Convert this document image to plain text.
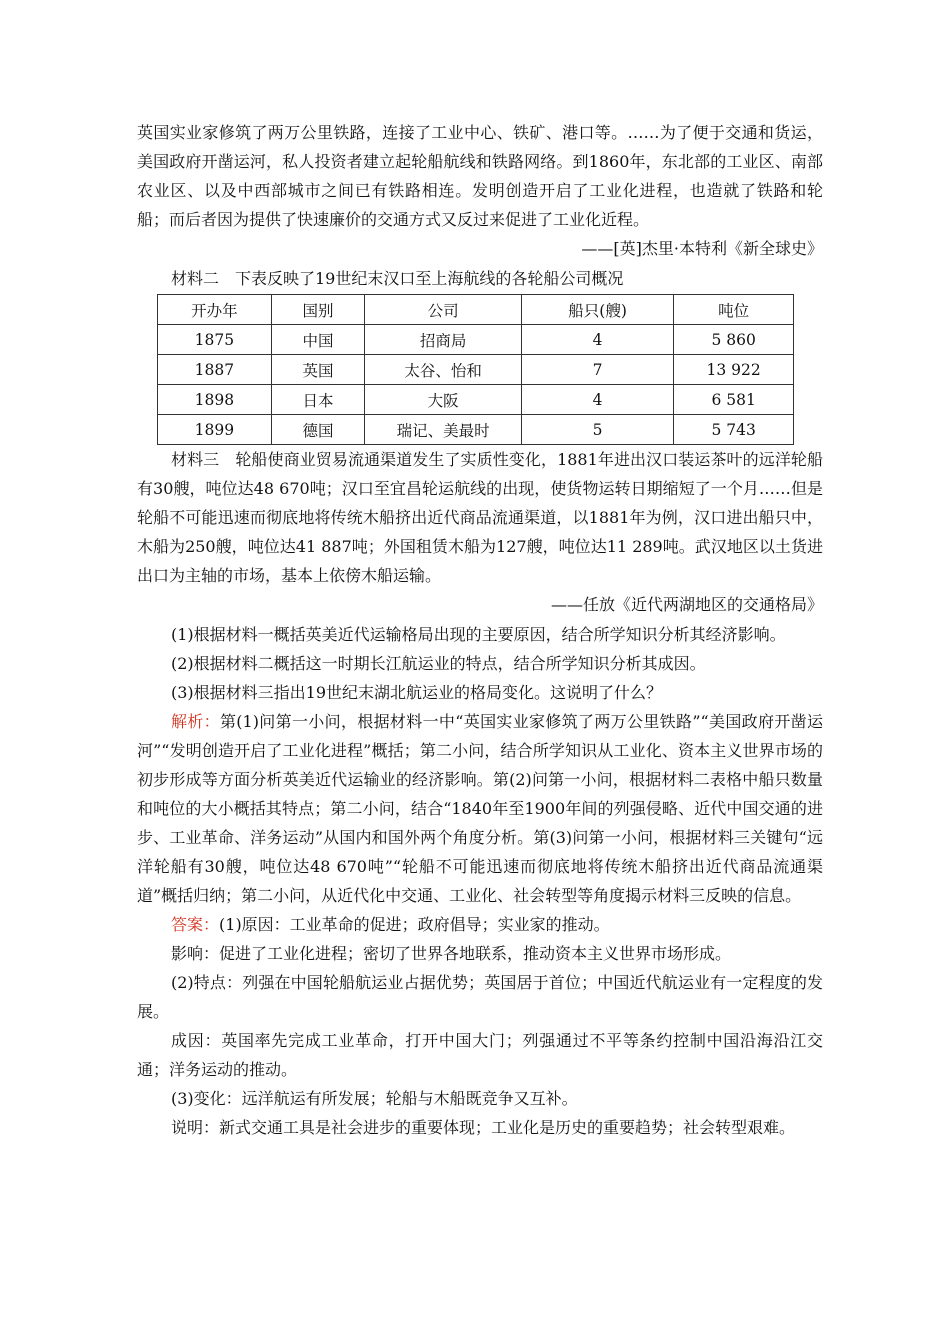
英国实业家修筑了两万公里铁路，连接了工业中心、铁矿、港口等。……为了便于交通和货运，美国政府开凿运河，私人投资者建立起轮船航线和铁路网络。到1860年，东北部的工业区、南部农业区、以及中西部城市之间已有铁路相连。发明创造开启了工业化进程，也造就了铁路和轮船；而后者因为提供了快速廉价的交通方式又反过来促进了工业化近程。

——[英]杰里·本特利《新全球史》

材料二　下表反映了19世纪末汉口至上海航线的各轮船公司概况

开办年	国别	公司	船只(艘)	吨位
1875	中国	招商局	4	5 860
1887	英国	太谷、怡和	7	13 922
1898	日本	大阪	4	6 581
1899	德国	瑞记、美最时	5	5 743

材料三　轮船使商业贸易流通渠道发生了实质性变化，1881年进出汉口装运茶叶的远洋轮船有30艘，吨位达48 670吨；汉口至宜昌轮运航线的出现，使货物运转日期缩短了一个月……但是轮船不可能迅速而彻底地将传统木船挤出近代商品流通渠道，以1881年为例，汉口进出船只中，木船为250艘，吨位达41 887吨；外国租赁木船为127艘，吨位达11 289吨。武汉地区以土货进出口为主轴的市场，基本上依傍木船运输。

——任放《近代两湖地区的交通格局》

(1)根据材料一概括英美近代运输格局出现的主要原因，结合所学知识分析其经济影响。

(2)根据材料二概括这一时期长江航运业的特点，结合所学知识分析其成因。

(3)根据材料三指出19世纪末湖北航运业的格局变化。这说明了什么？

解析：第(1)问第一小问，根据材料一中“英国实业家修筑了两万公里铁路”“美国政府开凿运河”“发明创造开启了工业化进程”概括；第二小问，结合所学知识从工业化、资本主义世界市场的初步形成等方面分析英美近代运输业的经济影响。第(2)问第一小问，根据材料二表格中船只数量和吨位的大小概括其特点；第二小问，结合“1840年至1900年间的列强侵略、近代中国交通的进步、工业革命、洋务运动”从国内和国外两个角度分析。第(3)问第一小问，根据材料三关键句“远洋轮船有30艘，吨位达48 670吨”“轮船不可能迅速而彻底地将传统木船挤出近代商品流通渠道”概括归纳；第二小问，从近代化中交通、工业化、社会转型等角度揭示材料三反映的信息。

答案：(1)原因：工业革命的促进；政府倡导；实业家的推动。

影响：促进了工业化进程；密切了世界各地联系，推动资本主义世界市场形成。

(2)特点：列强在中国轮船航运业占据优势；英国居于首位；中国近代航运业有一定程度的发展。

成因：英国率先完成工业革命，打开中国大门；列强通过不平等条约控制中国沿海沿江交通；洋务运动的推动。

(3)变化：远洋航运有所发展；轮船与木船既竞争又互补。

说明：新式交通工具是社会进步的重要体现；工业化是历史的重要趋势；社会转型艰难。
